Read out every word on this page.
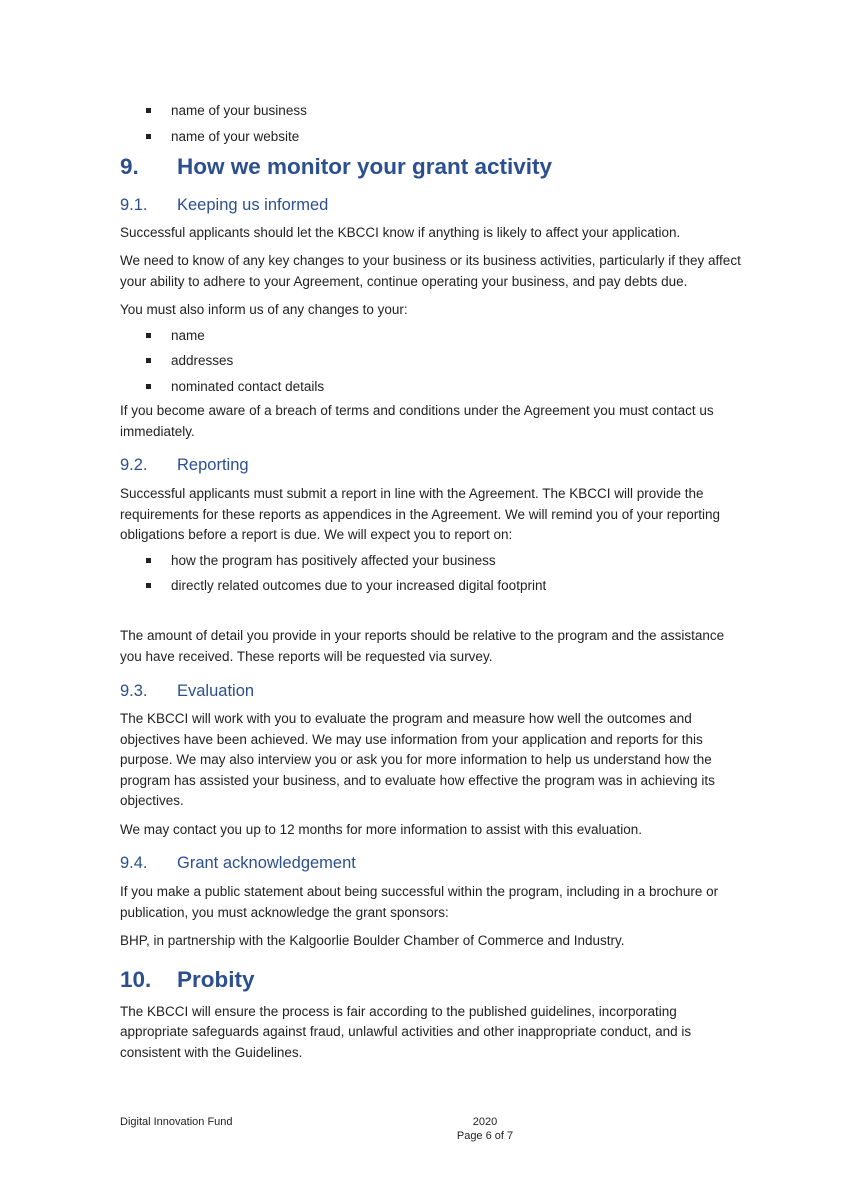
name of your business
name of your website
9.	How we monitor your grant activity
9.1.	Keeping us informed

Successful applicants should let the KBCCI know if anything is likely to affect your application.

We need to know of any key changes to your business or its business activities, particularly if they affect your ability to adhere to your Agreement, continue operating your business, and pay debts due.

You must also inform us of any changes to your:

name
addresses
nominated contact details

If you become aware of a breach of terms and conditions under the Agreement you must contact us immediately.

9.2.	Reporting

Successful applicants must submit a report in line with the Agreement. The KBCCI will provide the requirements for these reports as appendices in the Agreement. We will remind you of your reporting obligations before a report is due. We will expect you to report on:

how the program has positively affected your business
directly related outcomes due to your increased digital footprint

The amount of detail you provide in your reports should be relative to the program and the assistance you have received. These reports will be requested via survey.

9.3.	Evaluation

The KBCCI will work with you to evaluate the program and measure how well the outcomes and objectives have been achieved. We may use information from your application and reports for this purpose. We may also interview you or ask you for more information to help us understand how the program has assisted your business, and to evaluate how effective the program was in achieving its objectives.

We may contact you up to 12 months for more information to assist with this evaluation.

9.4.	Grant acknowledgement

If you make a public statement about being successful within the program, including in a brochure or publication, you must acknowledge the grant sponsors:

BHP, in partnership with the Kalgoorlie Boulder Chamber of Commerce and Industry.

10.	Probity

The KBCCI will ensure the process is fair according to the published guidelines, incorporating appropriate safeguards against fraud, unlawful activities and other inappropriate conduct, and is consistent with the Guidelines.

Digital Innovation Fund	2020
Page 6 of 7
